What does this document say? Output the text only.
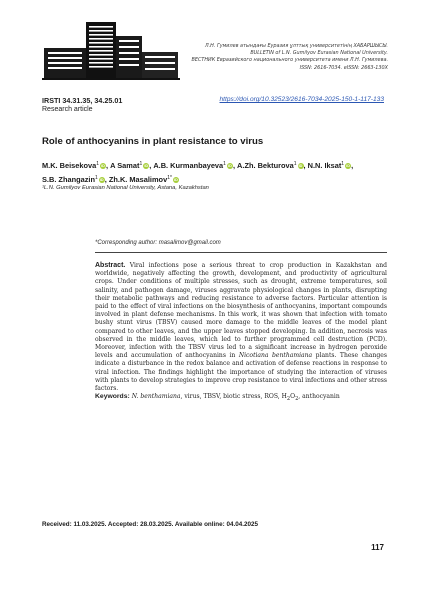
Л.Н. Гумилев атындағы Еуразия ұлттық университетінің ХАБАРШЫСЫ.
BULLETIN of L.N. Gumilyov Eurasian National University.
ВЕСТНИК Евразийского национального университета имени Л.Н. Гумилева.
ISSN: 2616-7034. eISSN: 2663-130X
IRSTI 34.31.35, 34.25.01
Research article
https://doi.org/10.32523/2616-7034-2025-150-1-117-133
Role of anthocyanins in plant resistance to virus
M.K. Beisekova$^1$ iD, A Samat$^1$ iD, A.B. Kurmanbayeva$^1$ iD, A.Zh. Bekturova$^1$ iD, N.N. Iksat$^1$ iD,
S.B. Zhangazin$^1$ iD, Zh.K. Masalimov$^{1*}$ iD
¹L.N. Gumilyov Eurasian National University, Astana, Kazakhstan
*Corresponding author: masalimov@gmail.com
Abstract. Viral infections pose a serious threat to crop production in Kazakhstan and worldwide, negatively affecting the growth, development, and productivity of agricultural crops. Under conditions of multiple stresses, such as drought, extreme temperatures, soil salinity, and pathogen damage, viruses aggravate physiological changes in plants, disrupting their metabolic pathways and reducing resistance to adverse factors. Particular attention is paid to the effect of viral infections on the biosynthesis of anthocyanins, important compounds involved in plant defense mechanisms. In this work, it was shown that infection with tomato bushy stunt virus (TBSV) caused more damage to the middle leaves of the model plant compared to other leaves, and the upper leaves stopped developing. In addition, necrosis was observed in the middle leaves, which led to further programmed cell destruction (PCD). Moreover, infection with the TBSV virus led to a significant increase in hydrogen peroxide levels and accumulation of anthocyanins in Nicotiana benthamiana plants. These changes indicate a disturbance in the redox balance and activation of defense reactions in response to viral infection. The findings highlight the importance of studying the interaction of viruses with plants to develop strategies to improve crop resistance to viral infections and other stress factors.
Keywords: N. benthamiana, virus, TBSV, biotic stress, ROS, $H_2O_2$, anthocyanin
Received: 11.03.2025. Accepted: 28.03.2025. Available online: 04.04.2025
117
